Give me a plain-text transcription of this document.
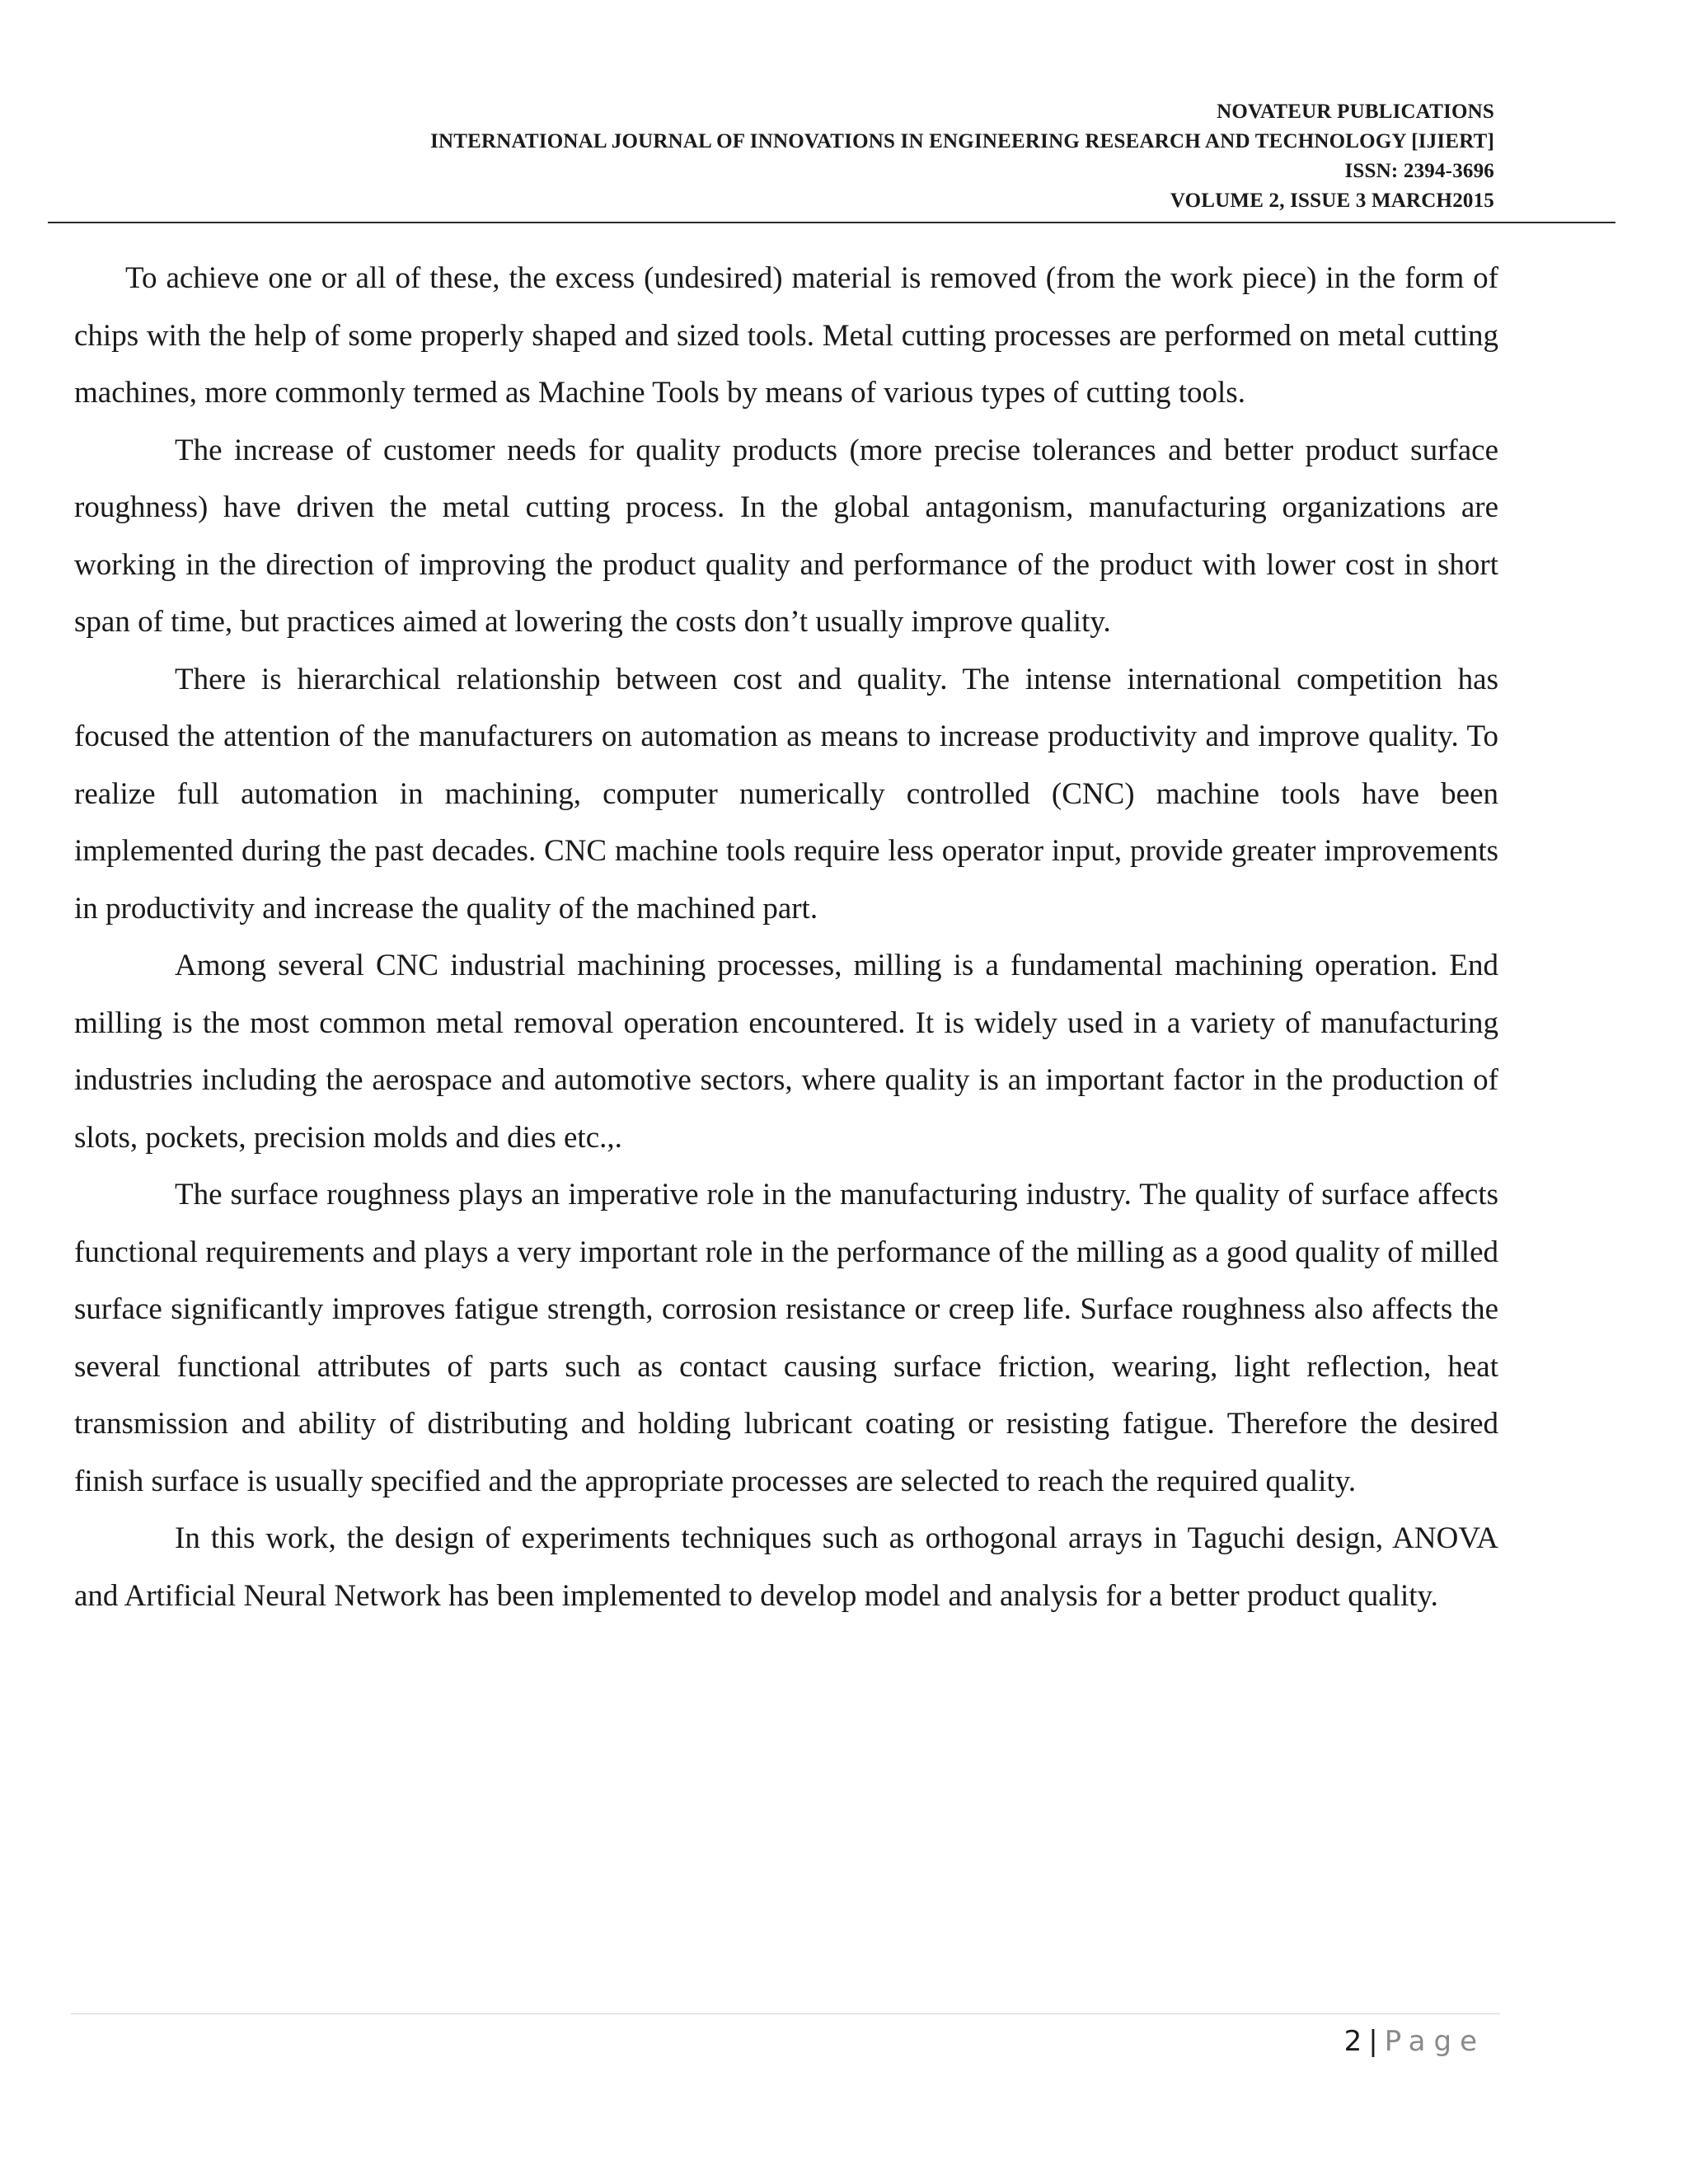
NOVATEUR PUBLICATIONS
INTERNATIONAL JOURNAL OF INNOVATIONS IN ENGINEERING RESEARCH AND TECHNOLOGY [IJIERT]
ISSN: 2394-3696
VOLUME 2, ISSUE 3 MARCH2015

To achieve one or all of these, the excess (undesired) material is removed (from the work piece) in the form of chips with the help of some properly shaped and sized tools. Metal cutting processes are performed on metal cutting machines, more commonly termed as Machine Tools by means of various types of cutting tools.

The increase of customer needs for quality products (more precise tolerances and better product surface roughness) have driven the metal cutting process. In the global antagonism, manufacturing organizations are working in the direction of improving the product quality and performance of the product with lower cost in short span of time, but practices aimed at lowering the costs don’t usually improve quality.

There is hierarchical relationship between cost and quality. The intense international competition has focused the attention of the manufacturers on automation as means to increase productivity and improve quality. To realize full automation in machining, computer numerically controlled (CNC) machine tools have been implemented during the past decades. CNC machine tools require less operator input, provide greater improvements in productivity and increase the quality of the machined part.

Among several CNC industrial machining processes, milling is a fundamental machining operation. End milling is the most common metal removal operation encountered. It is widely used in a variety of manufacturing industries including the aerospace and automotive sectors, where quality is an important factor in the production of slots, pockets, precision molds and dies etc.,.

The surface roughness plays an imperative role in the manufacturing industry. The quality of surface affects functional requirements and plays a very important role in the performance of the milling as a good quality of milled surface significantly improves fatigue strength, corrosion resistance or creep life. Surface roughness also affects the several functional attributes of parts such as contact causing surface friction, wearing, light reflection, heat transmission and ability of distributing and holding lubricant coating or resisting fatigue. Therefore the desired finish surface is usually specified and the appropriate processes are selected to reach the required quality.

In this work, the design of experiments techniques such as orthogonal arrays in Taguchi design, ANOVA and Artificial Neural Network has been implemented to develop model and analysis for a better product quality.

2 | Page
